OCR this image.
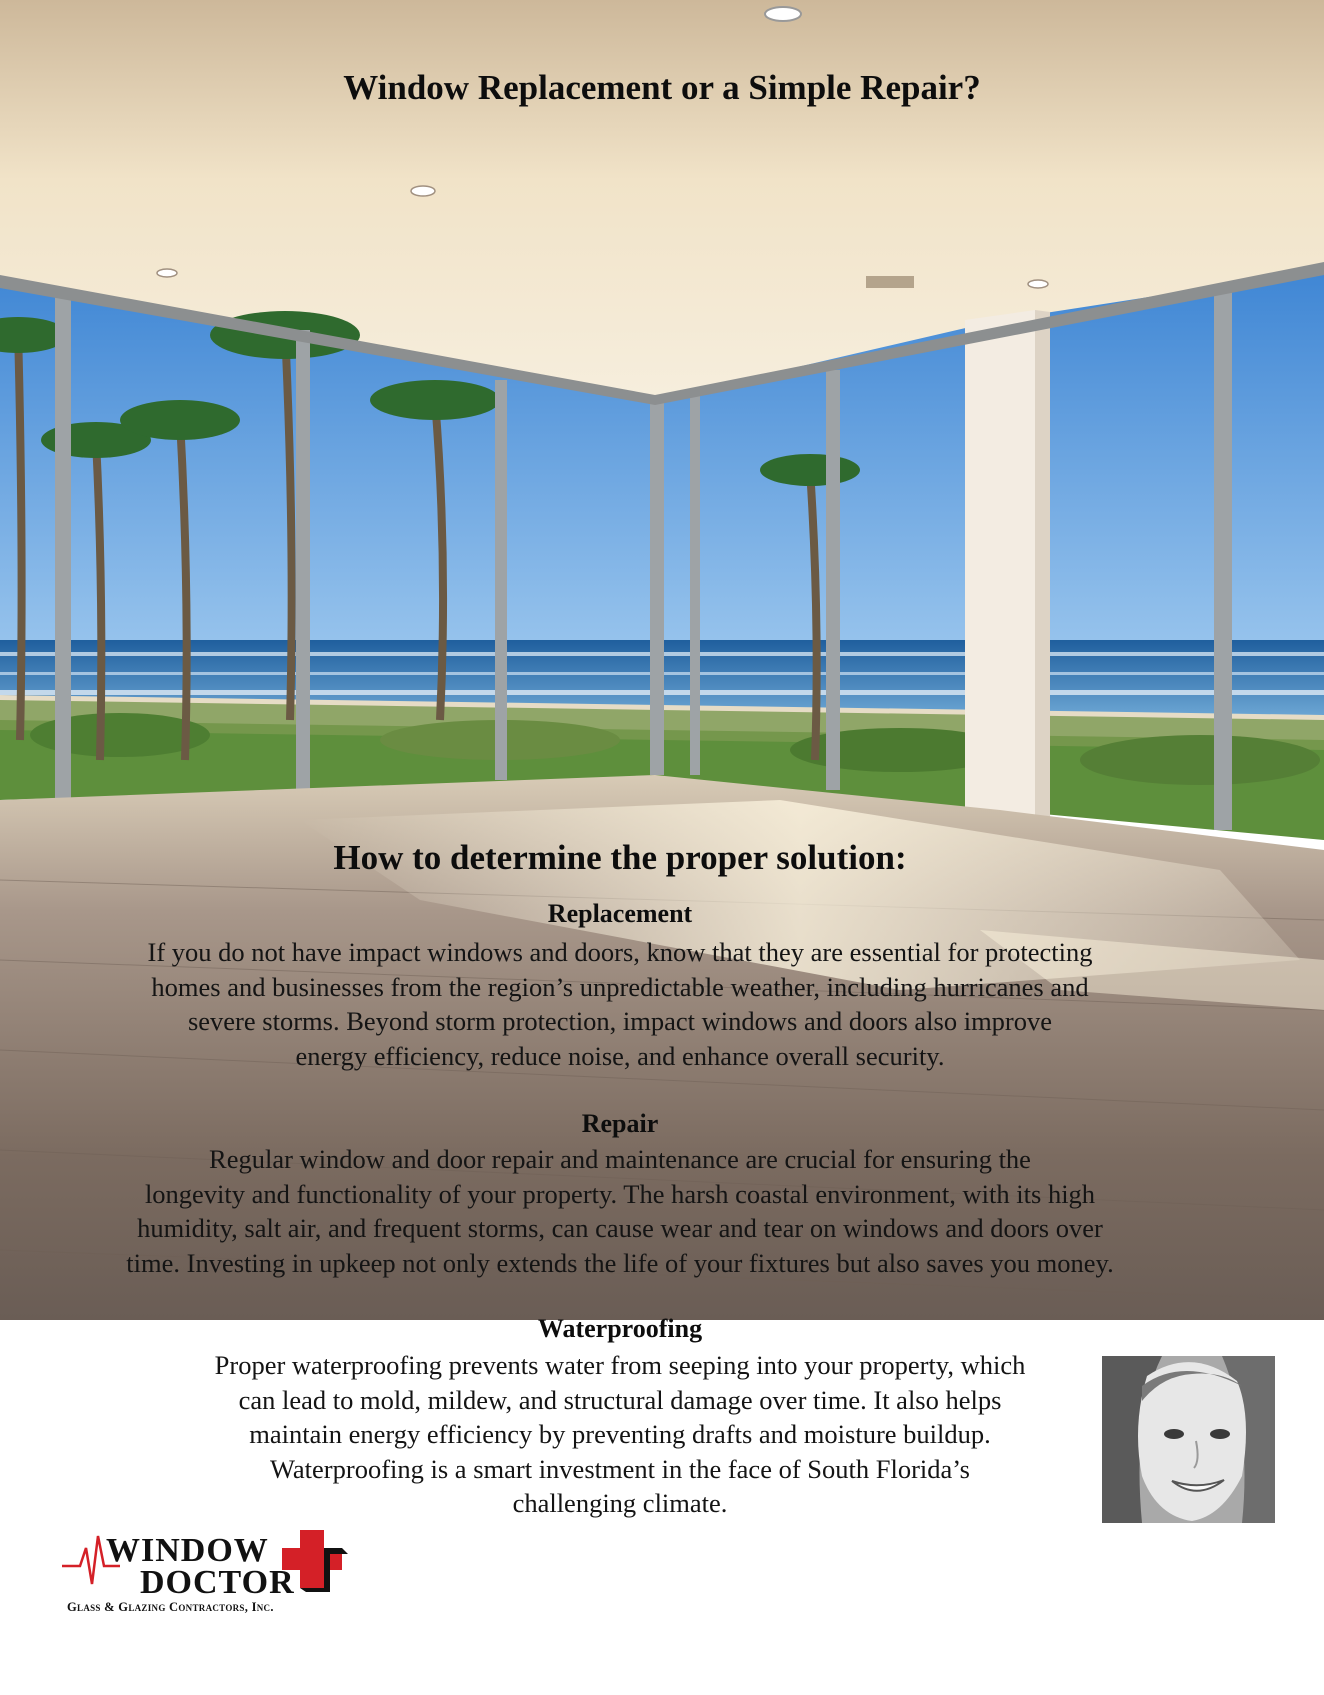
Window Replacement or a Simple Repair?
How to determine the proper solution:
Replacement
If you do not have impact windows and doors, know that they are essential for protecting
homes and businesses from the region’s unpredictable weather, including hurricanes and
severe storms. Beyond storm protection, impact windows and doors also improve
energy efficiency, reduce noise, and enhance overall security.
Repair
Regular window and door repair and maintenance are crucial for ensuring the
longevity and functionality of your property. The harsh coastal environment, with its high
humidity, salt air, and frequent storms, can cause wear and tear on windows and doors over
time. Investing in upkeep not only extends the life of your fixtures but also saves you money.
Waterproofing
Proper waterproofing prevents water from seeping into your property, which
can lead to mold, mildew, and structural damage over time. It also helps
maintain energy efficiency by preventing drafts and moisture buildup.
Waterproofing is a smart investment in the face of South Florida’s
challenging climate.
WINDOW
DOCTOR
Glass & Glazing Contractors, Inc.
